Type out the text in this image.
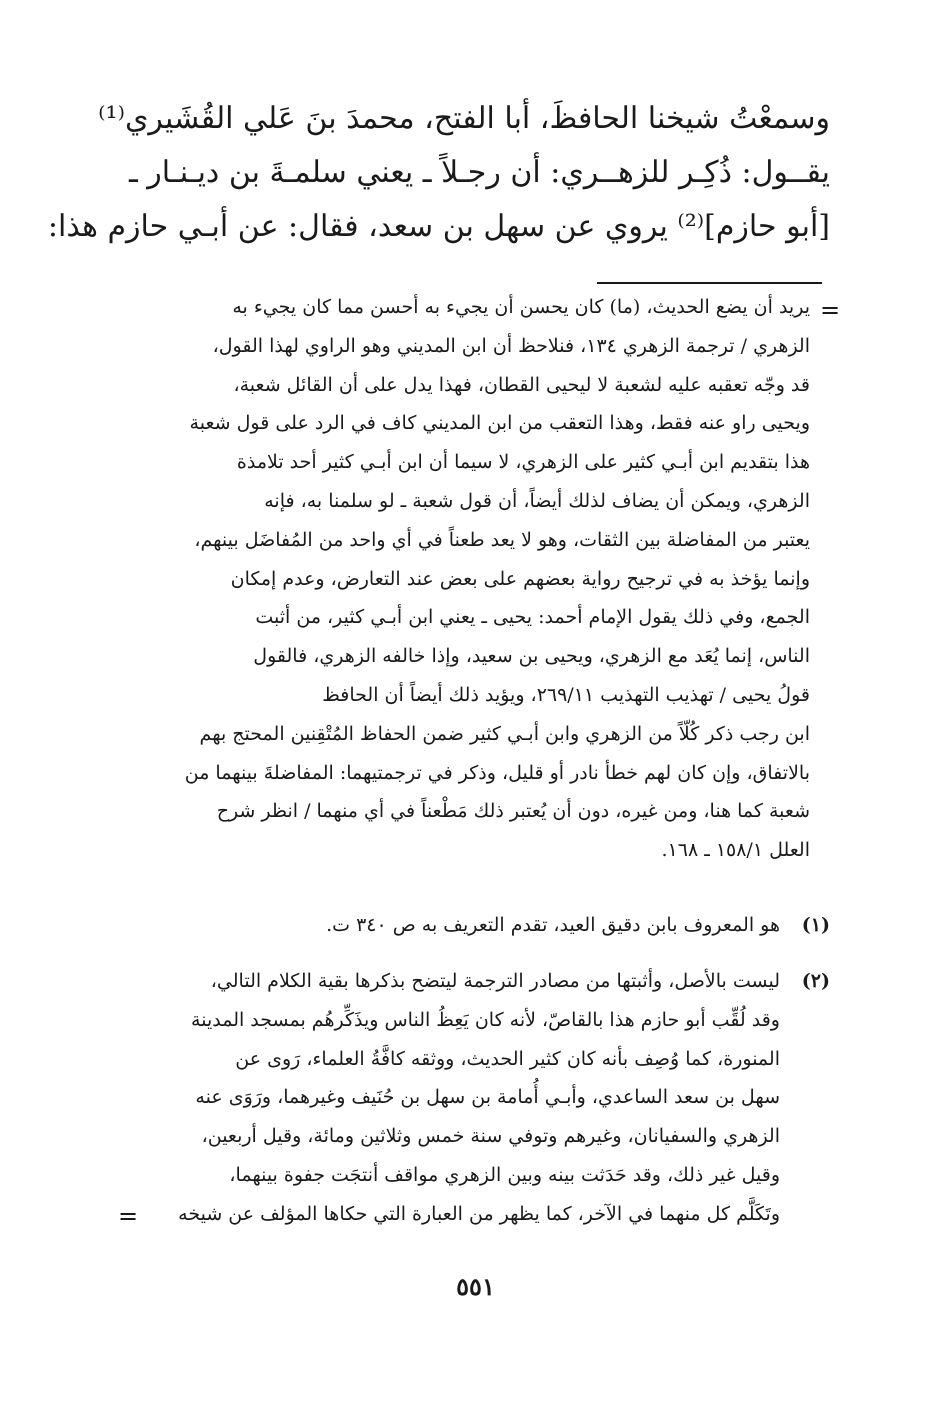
وسمعْتُ شيخنا الحافظَ، أبا الفتح، محمدَ بنَ عَلي القُشَيري⁽¹⁾
يقــول: ذُكِـر للزهــري: أن رجـلاً ـ يعني سلمـةَ بن ديـنـار ـ
[أبو حازم]⁽²⁾ يروي عن سهل بن سعد، فقال: عن أبـي حازم هذا:
=
يريد أن يضع الحديث، (ما) كان يحسن أن يجيء به أحسن مما كان يجيء به
الزهري / ترجمة الزهري ١٣٤، فنلاحظ أن ابن المديني وهو الراوي لهذا القول،
قد وجّه تعقبه عليه لشعبة لا ليحيى القطان، فهذا يدل على أن القائل شعبة،
ويحيى راو عنه فقط، وهذا التعقب من ابن المديني كاف في الرد على قول شعبة
هذا بتقديم ابن أبـي كثير على الزهري، لا سيما أن ابن أبـي كثير أحد تلامذة
الزهري، ويمكن أن يضاف لذلك أيضاً، أن قول شعبة ـ لو سلمنا به، فإنه
يعتبر من المفاضلة بين الثقات، وهو لا يعد طعناً في أي واحد من المُفاضَل بينهم،
وإنما يؤخذ به في ترجيح رواية بعضهم على بعض عند التعارض، وعدم إمكان
الجمع، وفي ذلك يقول الإمام أحمد: يحيى ـ يعني ابن أبـي كثير، من أثبت
الناس، إنما يُعَد مع الزهري، ويحيى بن سعيد، وإذا خالفه الزهري، فالقول
قولُ يحيى / تهذيب التهذيب ٢٦٩/١١، ويؤيد ذلك أيضاً أن الحافظ
ابن رجب ذكر كُلّاً من الزهري وابن أبـي كثير ضمن الحفاظ المُتْقِنين المحتج بهم
بالاتفاق، وإن كان لهم خطأ نادر أو قليل، وذكر في ترجمتيهما: المفاضلةَ بينهما من
شعبة كما هنا، ومن غيره، دون أن يُعتبر ذلك مَطْعناً في أي منهما / انظر شرح
العلل ١٥٨/١ ـ ١٦٨.
(١)
هو المعروف بابن دقيق العيد، تقدم التعريف به ص ٣٤٠ ت.
(٢)
ليست بالأصل، وأثبتها من مصادر الترجمة ليتضح بذكرها بقية الكلام التالي،
وقد لُقِّب أبو حازم هذا بالقاصّ، لأنه كان يَعِظُ الناس ويذَكِّرهُم بمسجد المدينة
المنورة، كما وُصِف بأنه كان كثير الحديث، ووثقه كافَّةُ العلماء، رَوى عن
سهل بن سعد الساعدي، وأبـي أُمامة بن سهل بن حُنَيف وغيرهما، ورَوَى عنه
الزهري والسفيانان، وغيرهم وتوفي سنة خمس وثلاثين ومائة، وقيل أربعين،
وقيل غير ذلك، وقد حَدَثت بينه وبين الزهري مواقف أنتجَت جفوة بينهما،
وتَكَلَّم كل منهما في الآخر، كما يظهر من العبارة التي حكاها المؤلف عن شيخه
=
٥٥١
